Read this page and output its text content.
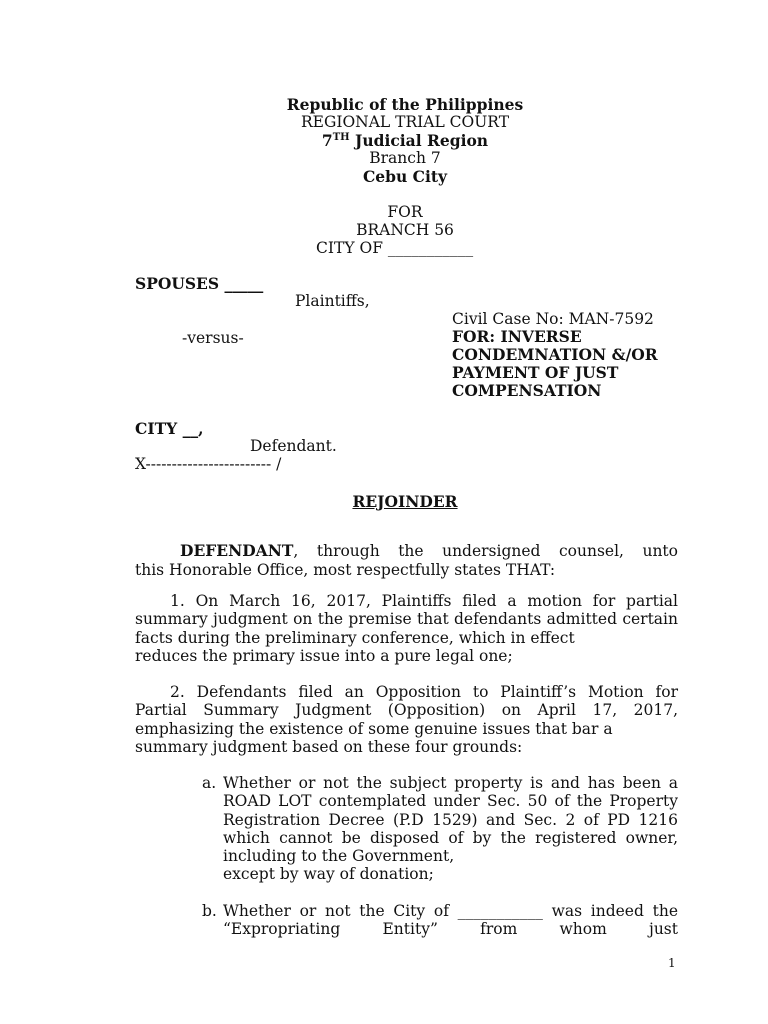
Republic of the Philippines
REGIONAL TRIAL COURT
7TH Judicial Region
Branch 7
Cebu City
FOR
BRANCH 56
CITY OF ___________
SPOUSES _____
Plaintiffs,
Civil Case No: MAN-7592
-versus-	FOR: INVERSE
CONDEMNATION &/OR
PAYMENT OF JUST
COMPENSATION
CITY __,
Defendant.
X------------------------ /
REJOINDER
DEFENDANT, through the undersigned counsel, unto
this Honorable Office, most respectfully states THAT:
1. On March 16, 2017, Plaintiffs filed a motion for partial summary judgment on the premise that defendants admitted certain facts during the preliminary conference, which in effect
reduces the primary issue into a pure legal one;
2. Defendants filed an Opposition to Plaintiff’s Motion for Partial Summary Judgment (Opposition) on April 17, 2017, emphasizing the existence of some genuine issues that bar a
summary judgment based on these four grounds:
a. Whether or not the subject property is and has been a ROAD LOT contemplated under Sec. 50 of the Property Registration Decree (P.D 1529) and Sec. 2 of PD 1216 which cannot be disposed of by the registered owner, including to the Government,
except by way of donation;
b. Whether or not the City of ___________ was indeed the “Expropriating Entity” from whom just
1
